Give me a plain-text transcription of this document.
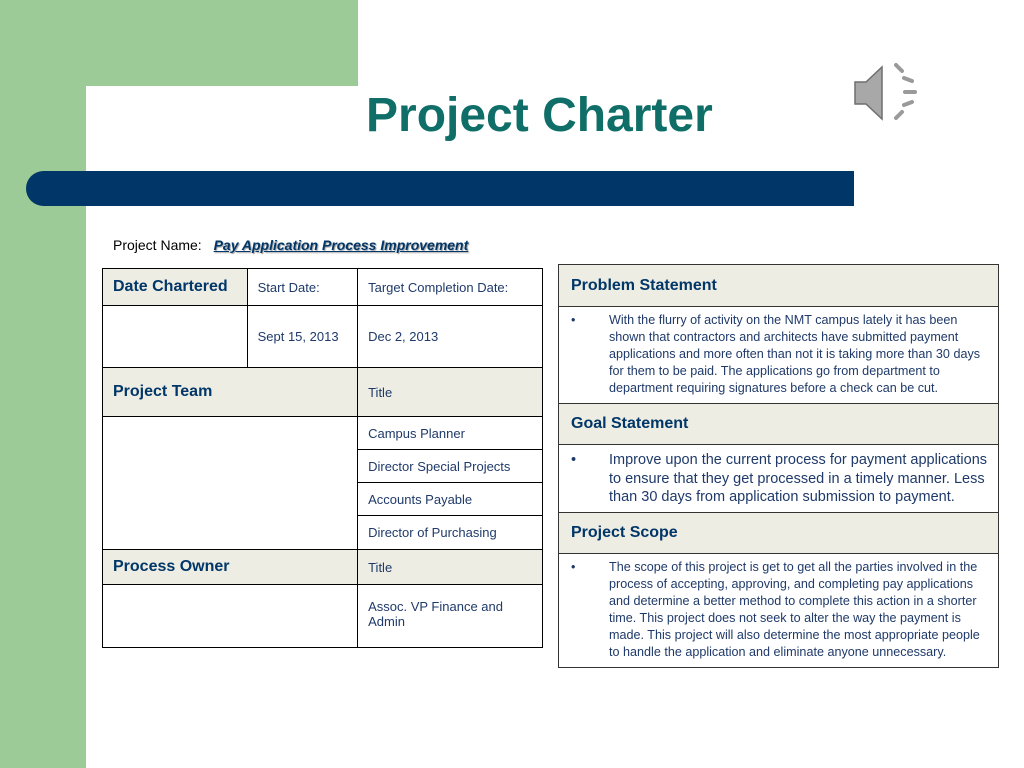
Project Charter
Project Name: Pay Application Process Improvement
Date Chartered	Start Date:	Target Completion Date:
	Sept 15, 2013	Dec 2, 2013
Project Team		Title
		Campus Planner
		Director Special Projects
		Accounts Payable
		Director of Purchasing
Process Owner		Title

		Assoc. VP Finance and Admin
Problem Statement

•	With the flurry of activity on the NMT campus lately it has been shown that contractors and architects have submitted payment applications and more often than not it is taking more than 30 days for them to be paid. The applications go from department to department requiring signatures before a check can be cut.

Goal Statement

•	Improve upon the current process for payment applications to ensure that they get processed in a timely manner. Less than 30 days from application submission to payment.

Project Scope

•	The scope of this project is get to get all the parties involved in the process of accepting, approving, and completing pay applications and determine a better method to complete this action in a shorter time. This project does not seek to alter the way the payment is made. This project will also determine the most appropriate people to handle the application and eliminate anyone unnecessary.
